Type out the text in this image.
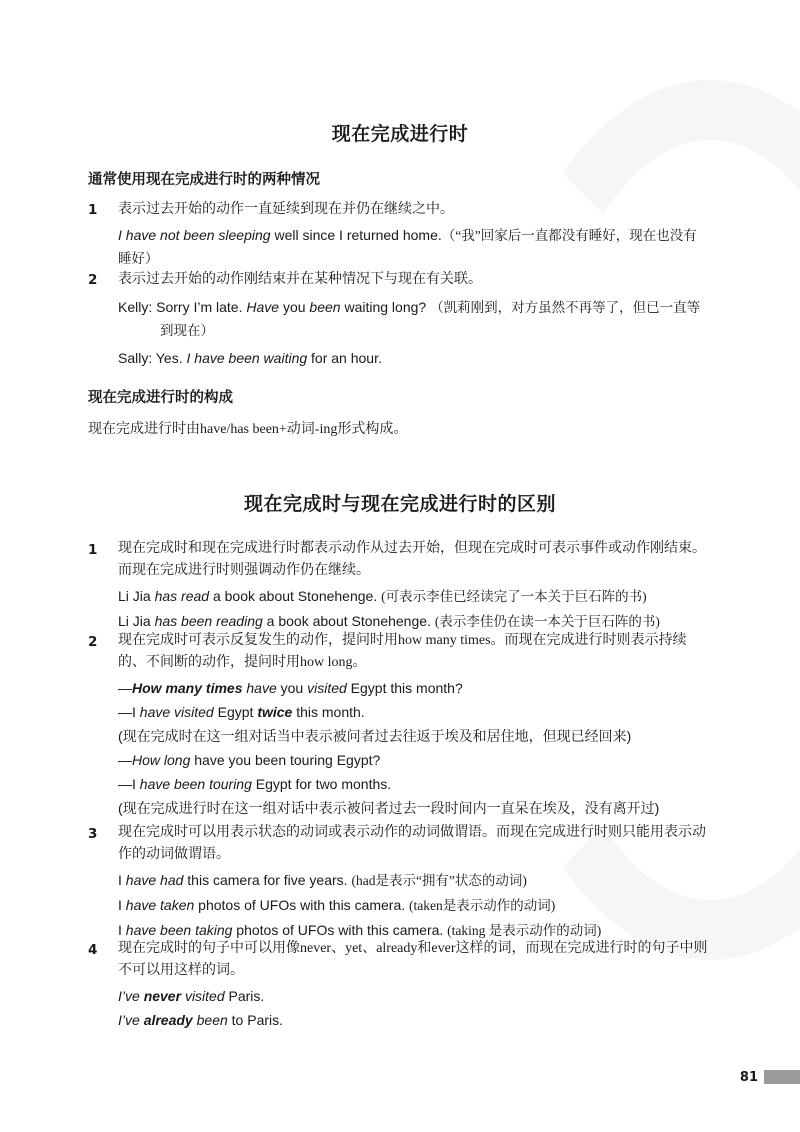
现在完成进行时
通常使用现在完成进行时的两种情况
1 表示过去开始的动作一直延续到现在并仍在继续之中。
I have not been sleeping well since I returned home.（“我”回家后一直都没有睡好，现在也没有睡好）
2 表示过去开始的动作刚结束并在某种情况下与现在有关联。
Kelly: Sorry I’m late. Have you been waiting long? （凯莉刚到，对方虽然不再等了，但已一直等到现在）
Sally: Yes. I have been waiting for an hour.
现在完成进行时的构成

现在完成进行时由have/has been+动词-ing形式构成。

现在完成时与现在完成进行时的区别
1 现在完成时和现在完成进行时都表示动作从过去开始，但现在完成时可表示事件或动作刚结束。而现在完成进行时则强调动作仍在继续。
Li Jia has read a book about Stonehenge. (可表示李佳已经读完了一本关于巨石阵的书)
Li Jia has been reading a book about Stonehenge. (表示李佳仍在读一本关于巨石阵的书)
2 现在完成时可表示反复发生的动作，提问时用how many times。而现在完成进行时则表示持续的、不间断的动作，提问时用how long。
—How many times have you visited Egypt this month?
—I have visited Egypt twice this month.
(现在完成时在这一组对话当中表示被问者过去往返于埃及和居住地，但现已经回来)
—How long have you been touring Egypt?
—I have been touring Egypt for two months.
(现在完成进行时在这一组对话中表示被问者过去一段时间内一直呆在埃及，没有离开过)
3 现在完成时可以用表示状态的动词或表示动作的动词做谓语。而现在完成进行时则只能用表示动作的动词做谓语。
I have had this camera for five years. (had是表示“拥有”状态的动词)
I have taken photos of UFOs with this camera. (taken是表示动作的动词)
I have been taking photos of UFOs with this camera. (taking 是表示动作的动词)
4 现在完成时的句子中可以用像never、yet、already和ever这样的词，而现在完成进行时的句子中则不可以用这样的词。
I’ve never visited Paris.
I’ve already been to Paris.
81
